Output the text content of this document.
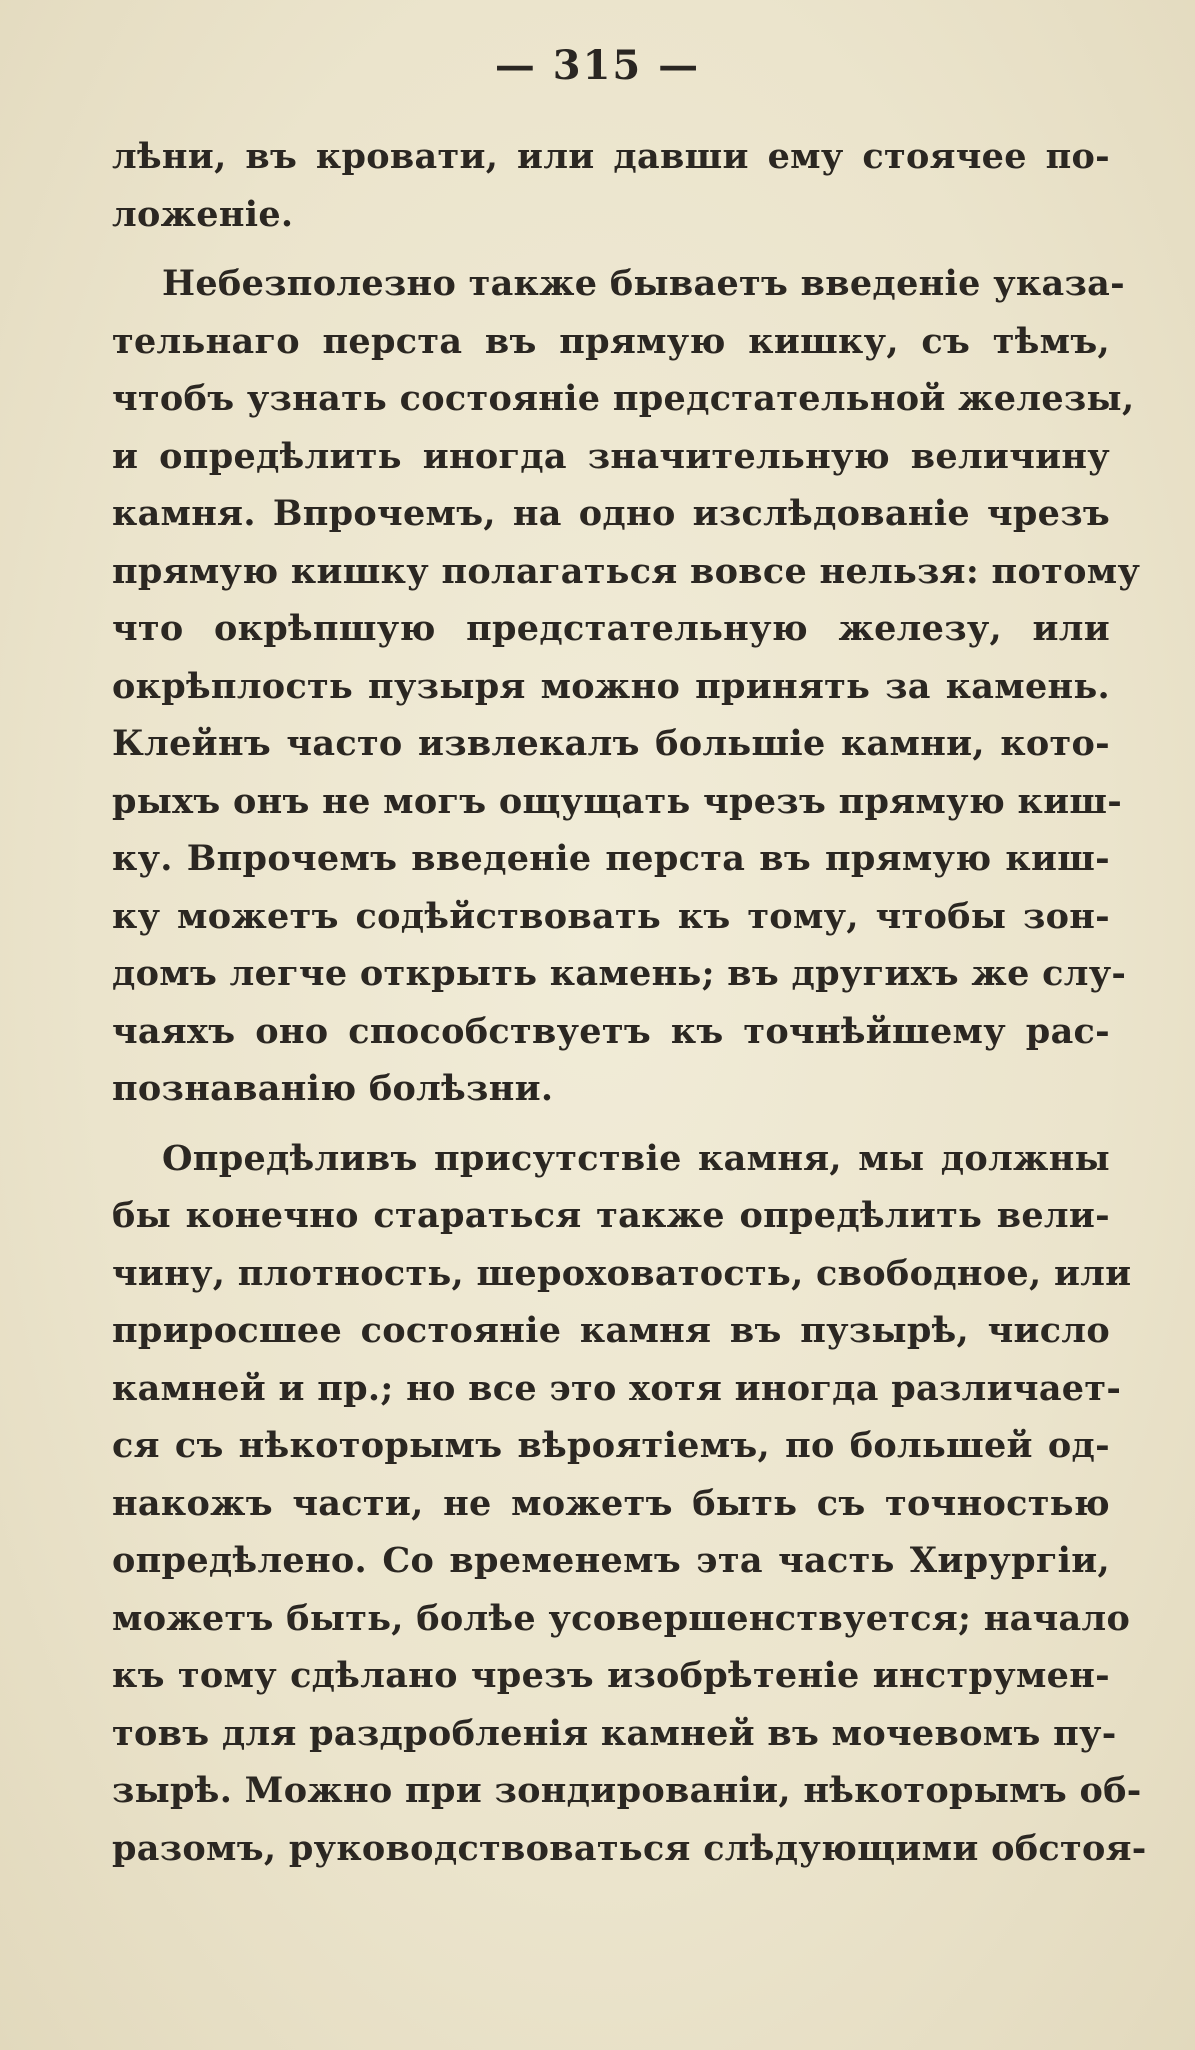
— 315 —
лѣни, въ кровати, или давши ему стоячее по-
ложеніе.
Небезполезно также бываетъ введеніе указа-
тельнаго перста въ прямую кишку, съ тѣмъ,
чтобъ узнать состояніе предстательной железы,
и опредѣлить иногда значительную величину
камня. Впрочемъ, на одно изслѣдованіе чрезъ
прямую кишку полагаться вовсе нельзя: потому
что окрѣпшую предстательную железу, или
окрѣплость пузыря можно принять за камень.
Клейнъ часто извлекалъ большіе камни, кото-
рыхъ онъ не могъ ощущать чрезъ прямую киш-
ку. Впрочемъ введеніе перста въ прямую киш-
ку можетъ содѣйствовать къ тому, чтобы зон-
домъ легче открыть камень; въ другихъ же слу-
чаяхъ оно способствуетъ къ точнѣйшему рас-
познаванію болѣзни.
Опредѣливъ присутствіе камня, мы должны
бы конечно стараться также опредѣлить вели-
чину, плотность, шероховатость, свободное, или
приросшее состояніе камня въ пузырѣ, число
камней и пр.; но все это хотя иногда различает-
ся съ нѣкоторымъ вѣроятіемъ, по большей од-
накожъ части, не можетъ быть съ точностью
опредѣлено. Со временемъ эта часть Хирургіи,
можетъ быть, болѣе усовершенствуется; начало
къ тому сдѣлано чрезъ изобрѣтеніе инструмен-
товъ для раздробленія камней въ мочевомъ пу-
зырѣ. Можно при зондированіи, нѣкоторымъ об-
разомъ, руководствоваться слѣдующими обстоя-
